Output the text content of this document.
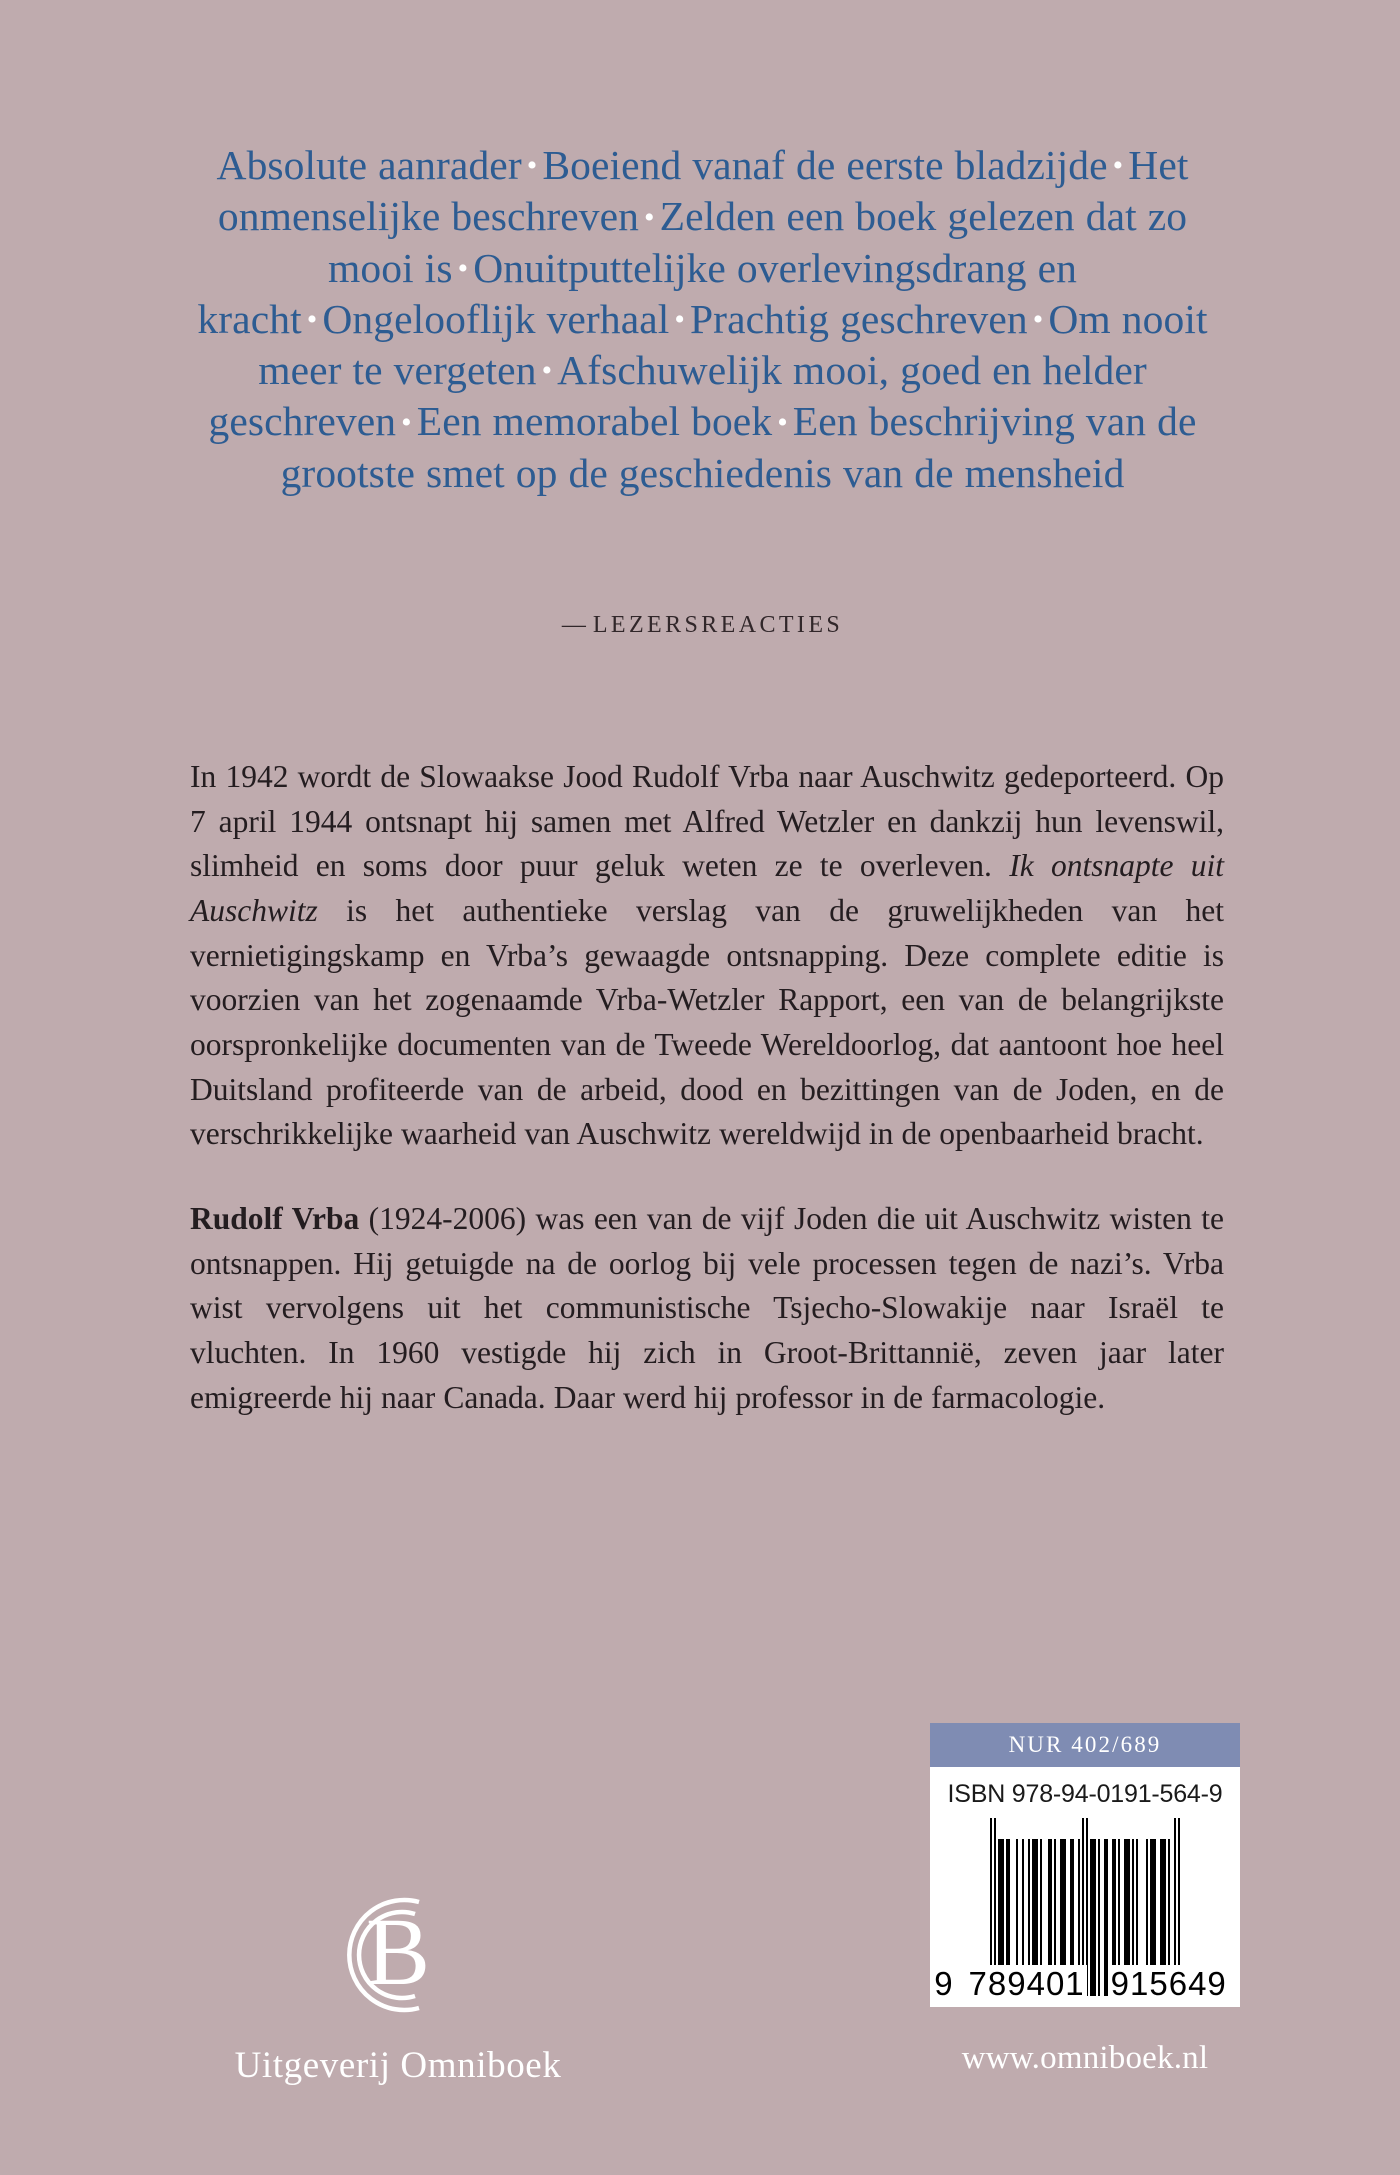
Absolute aanrader • Boeiend vanaf de eerste bladzijde • Het onmenselijke beschreven • Zelden een boek gelezen dat zo mooi is • Onuitputtelijke overlevingsdrang en kracht • Ongelooflijk verhaal • Prachtig geschreven • Om nooit meer te vergeten • Afschuwelijk mooi, goed en helder geschreven • Een memorabel boek • Een beschrijving van de grootste smet op de geschiedenis van de mensheid
— LEZERSREACTIES

In 1942 wordt de Slowaakse Jood Rudolf Vrba naar Auschwitz gedeporteerd. Op 7 april 1944 ontsnapt hij samen met Alfred Wetzler en dankzij hun levenswil, slimheid en soms door puur geluk weten ze te overleven. Ik ontsnapte uit Auschwitz is het authentieke verslag van de gruwelijkheden van het vernietigingskamp en Vrba’s gewaagde ontsnapping. Deze complete editie is voorzien van het zogenaamde Vrba-Wetzler Rapport, een van de belangrijkste oorspronkelijke documenten van de Tweede Wereldoorlog, dat aantoont hoe heel Duitsland profiteerde van de arbeid, dood en bezittingen van de Joden, en de verschrikkelijke waarheid van Auschwitz wereldwijd in de openbaarheid bracht.

Rudolf Vrba (1924-2006) was een van de vijf Joden die uit Auschwitz wisten te ontsnappen. Hij getuigde na de oorlog bij vele processen tegen de nazi’s. Vrba wist vervolgens uit het communistische Tsjecho-Slowakije naar Israël te vluchten. In 1960 vestigde hij zich in Groot-Brittannië, zeven jaar later emigreerde hij naar Canada. Daar werd hij professor in de farmacologie.

B
Uitgeverij Omniboek
NUR 402/689
ISBN 978-94-0191-564-9
9 789401 915649
www.omniboek.nl
